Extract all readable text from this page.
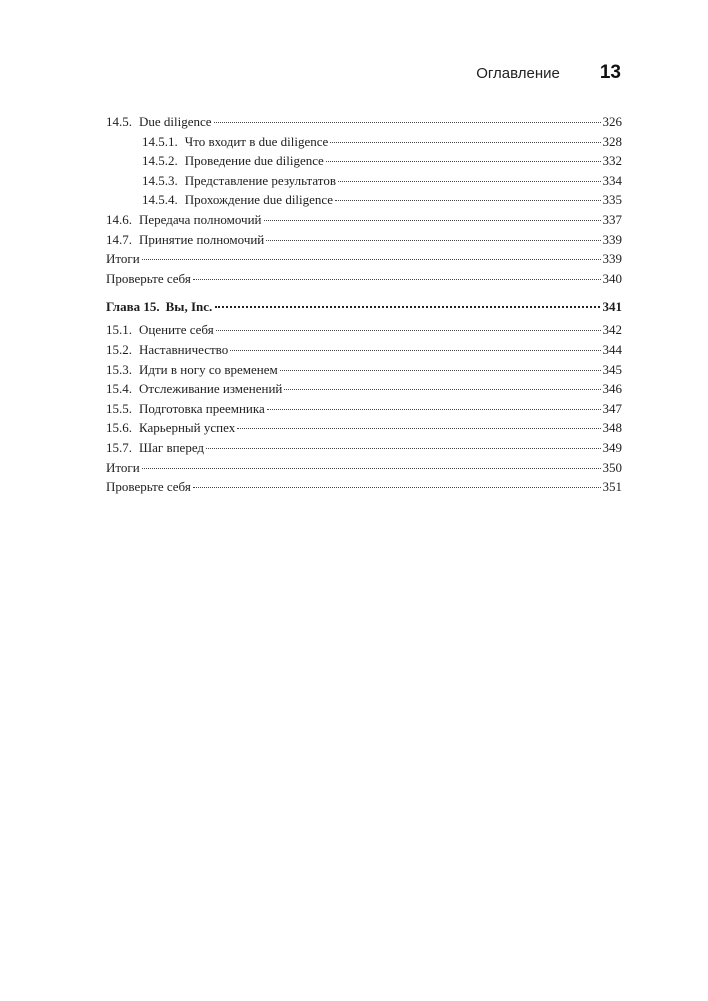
Оглавление 13
14.5. Due diligence	326
14.5.1. Что входит в due diligence	328
14.5.2. Проведение due diligence	332
14.5.3. Представление результатов	334
14.5.4. Прохождение due diligence	335
14.6. Передача полномочий	337
14.7. Принятие полномочий	339
Итоги	339
Проверьте себя	340
Глава 15. Вы, Inc.	341
15.1. Оцените себя	342
15.2. Наставничество	344
15.3. Идти в ногу со временем	345
15.4. Отслеживание изменений	346
15.5. Подготовка преемника	347
15.6. Карьерный успех	348
15.7. Шаг вперед	349
Итоги	350
Проверьте себя	351
